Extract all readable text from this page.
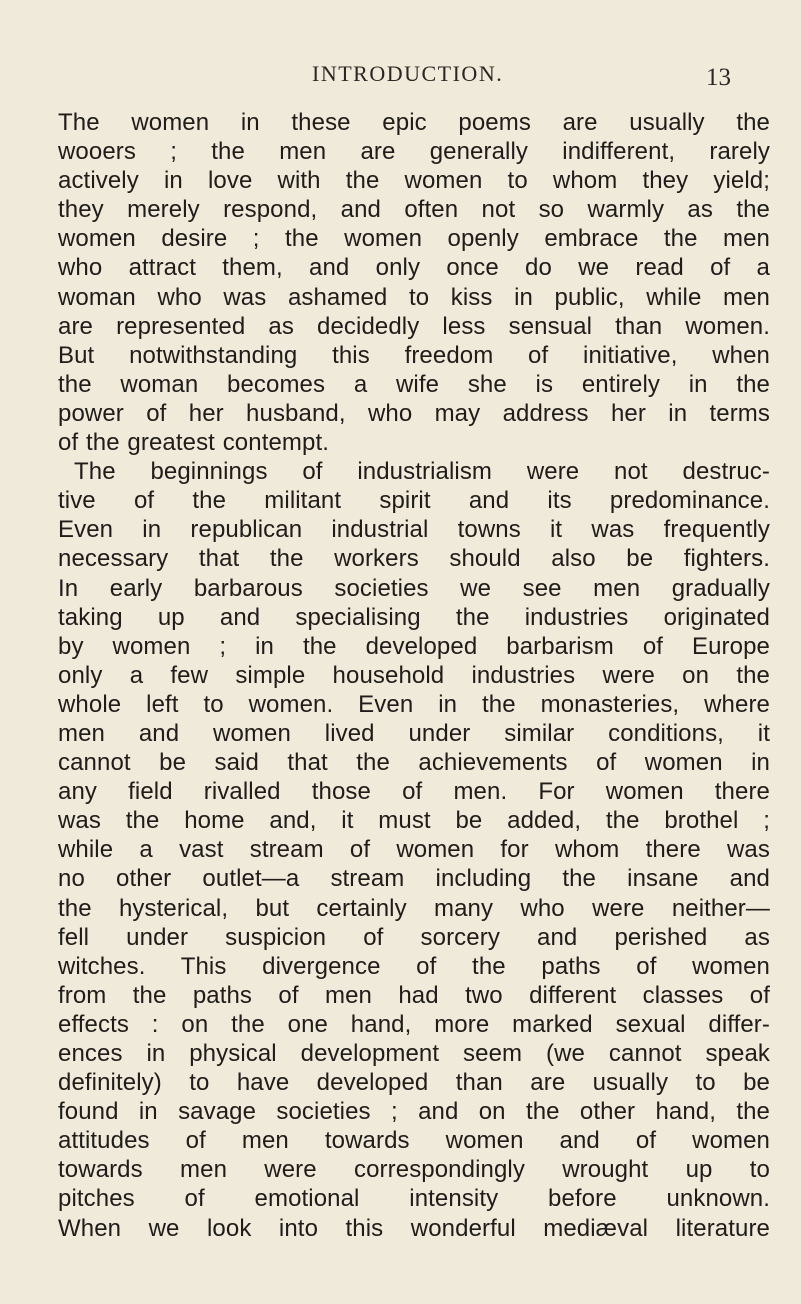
INTRODUCTION.	13
The women in these epic poems are usually the
wooers ; the men are generally indifferent, rarely
actively in love with the women to whom they yield;
they merely respond, and often not so warmly as the
women desire ; the women openly embrace the men
who attract them, and only once do we read of a
woman who was ashamed to kiss in public, while men
are represented as decidedly less sensual than women.
But notwithstanding this freedom of initiative, when
the woman becomes a wife she is entirely in the
power of her husband, who may address her in terms
of the greatest contempt.
The beginnings of industrialism were not destruc-
tive of the militant spirit and its predominance.
Even in republican industrial towns it was frequently
necessary that the workers should also be fighters.
In early barbarous societies we see men gradually
taking up and specialising the industries originated
by women ; in the developed barbarism of Europe
only a few simple household industries were on the
whole left to women. Even in the monasteries, where
men and women lived under similar conditions, it
cannot be said that the achievements of women in
any field rivalled those of men. For women there
was the home and, it must be added, the brothel ;
while a vast stream of women for whom there was
no other outlet—a stream including the insane and
the hysterical, but certainly many who were neither—
fell under suspicion of sorcery and perished as
witches. This divergence of the paths of women
from the paths of men had two different classes of
effects : on the one hand, more marked sexual differ-
ences in physical development seem (we cannot speak
definitely) to have developed than are usually to be
found in savage societies ; and on the other hand, the
attitudes of men towards women and of women
towards men were correspondingly wrought up to
pitches of emotional intensity before unknown.
When we look into this wonderful mediæval literature
